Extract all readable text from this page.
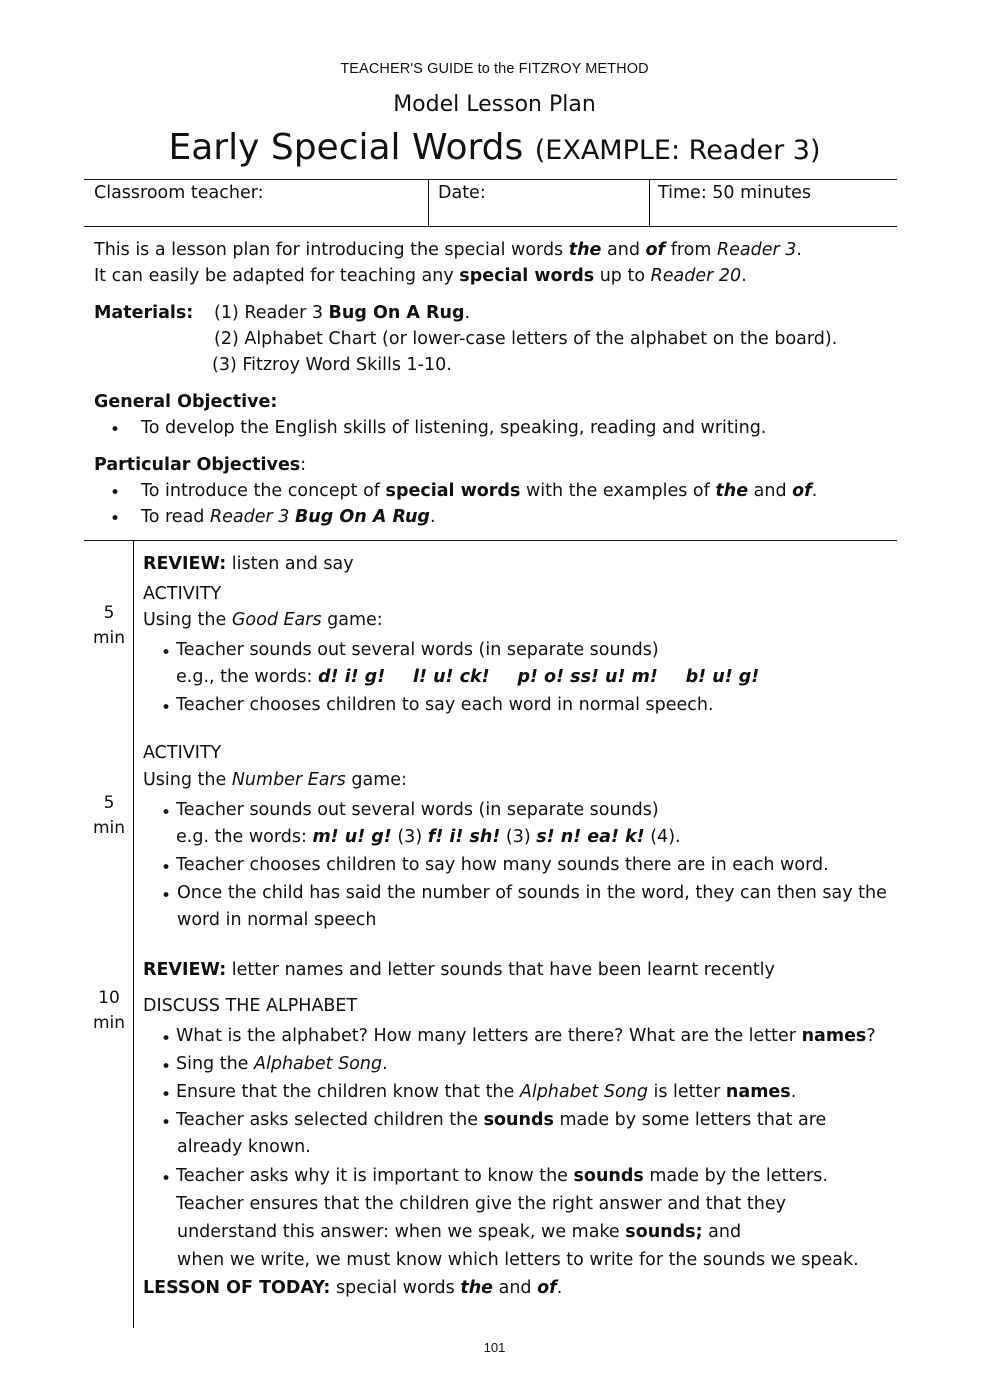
TEACHER'S GUIDE to the FITZROY METHOD
Model Lesson Plan
Early Special Words (EXAMPLE: Reader 3)
Classroom teacher:	Date:	Time: 50 minutes
This is a lesson plan for introducing the special words the and of from Reader 3.
It can easily be adapted for teaching any special words up to Reader 20.
Materials: (1) Reader 3 Bug On A Rug.
(2) Alphabet Chart (or lower-case letters of the alphabet on the board).
(3) Fitzroy Word Skills 1-10.
General Objective:
• To develop the English skills of listening, speaking, reading and writing.
Particular Objectives:
• To introduce the concept of special words with the examples of the and of.
• To read Reader 3 Bug On A Rug.
5
min
5
min
10
min
REVIEW: listen and say
ACTIVITY
Using the Good Ears game:
• Teacher sounds out several words (in separate sounds)
e.g., the words: d! i! g! l! u! ck! p! o! ss! u! m! b! u! g!
• Teacher chooses children to say each word in normal speech.
ACTIVITY
Using the Number Ears game:
• Teacher sounds out several words (in separate sounds)
e.g. the words: m! u! g! (3) f! i! sh! (3) s! n! ea! k! (4).
• Teacher chooses children to say how many sounds there are in each word.
• Once the child has said the number of sounds in the word, they can then say the
word in normal speech
REVIEW: letter names and letter sounds that have been learnt recently
DISCUSS THE ALPHABET
• What is the alphabet? How many letters are there? What are the letter names?
• Sing the Alphabet Song.
• Ensure that the children know that the Alphabet Song is letter names.
• Teacher asks selected children the sounds made by some letters that are
already known.
• Teacher asks why it is important to know the sounds made by the letters.
Teacher ensures that the children give the right answer and that they
understand this answer: when we speak, we make sounds; and
when we write, we must know which letters to write for the sounds we speak.
LESSON OF TODAY: special words the and of.
101
